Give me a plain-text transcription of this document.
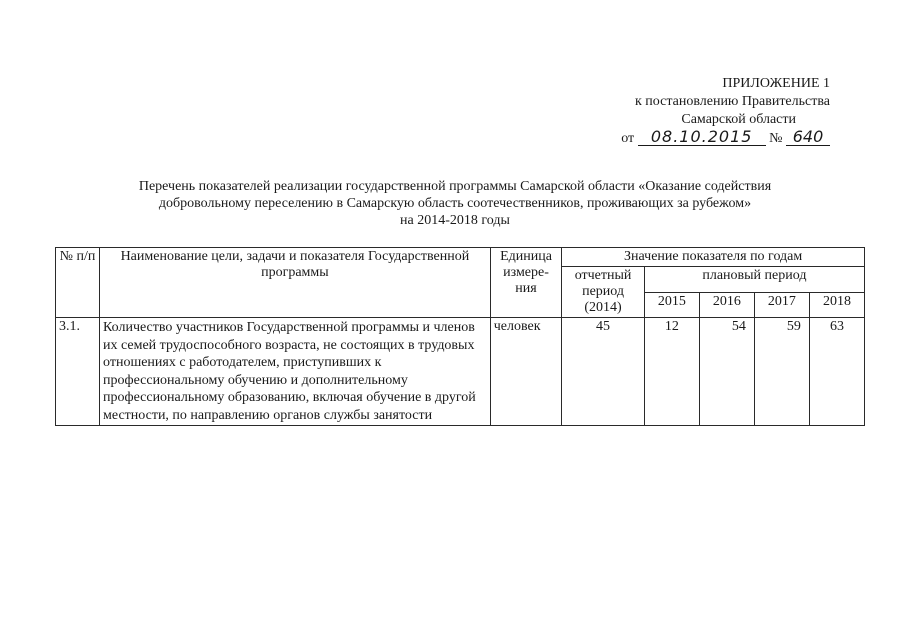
ПРИЛОЖЕНИЕ 1
к постановлению Правительства
Самарской области
от 08.10.2015 № 640
Перечень показателей реализации государственной программы Самарской области «Оказание содействия
добровольному переселению в Самарскую область соотечественников, проживающих за рубежом»
на 2014-2018 годы
№ п/п	Наименование цели, задачи и показателя Государственной программы	Единица измере-ния	Значение показателя по годам				
			отчетный период (2014)	плановый период			
				2015	2016	2017	2018
3.1.	Количество участников Государственной программы и членов их семей трудоспособного возраста, не состоящих в трудовых отношениях с работодателем, приступивших к профессиональному обучению и дополнительному профессиональному образованию, включая обучение в другой местности, по направлению органов службы занятости	человек	45	12	54	59	63
